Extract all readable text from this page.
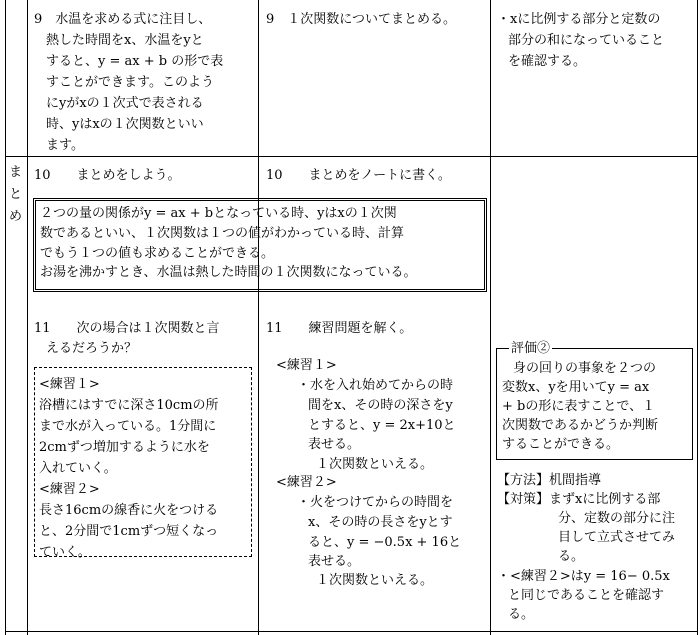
9　水温を求める式に注目し、
熱した時間をx、水温をyと
すると、y = ax + b の形で表
すことができます。このよう
にyがxの１次式で表される
時、yはxの１次関数といい
ます。
9　１次関数についてまとめる。	・xに比例する部分と定数の
部分の和になっていること
を確認する。
ま
と
め
10　　まとめをしよう。	10　　まとめをノートに書く。
２つの量の関係がy = ax + bとなっている時、yはxの１次関
数であるといい、１次関数は１つの値がわかっている時、計算
でもう１つの値も求めることができる。
お湯を沸かすとき、水温は熱した時間の１次関数になっている。
11　　次の場合は１次関数と言
えるだろうか？
<練習１>
浴槽にはすでに深さ10cmの所
まで水が入っている。1分間に
2cmずつ増加するように水を
入れていく。
<練習２>
長さ16cmの線香に火をつける
と、2分間で1cmずつ短くなっ
ていく。
11　　練習問題を解く。
<練習１>
・水を入れ始めてからの時
間をx、その時の深さをy
とすると、y = 2x+10と
表せる。
１次関数といえる。
<練習２>
・火をつけてからの時間を
x、その時の長さをyとす
ると、y = −0.5x + 16と
表せる。
１次関数といえる。
評価②
身の回りの事象を２つの
変数x、yを用いてy = ax
+ bの形に表すことで、１
次関数であるかどうか判断
することができる。
【方法】机間指導
【対策】まずxに比例する部
分、定数の部分に注
目して立式させてみ
る。
・<練習２>はy = 16− 0.5x
と同じであることを確認す
る。
